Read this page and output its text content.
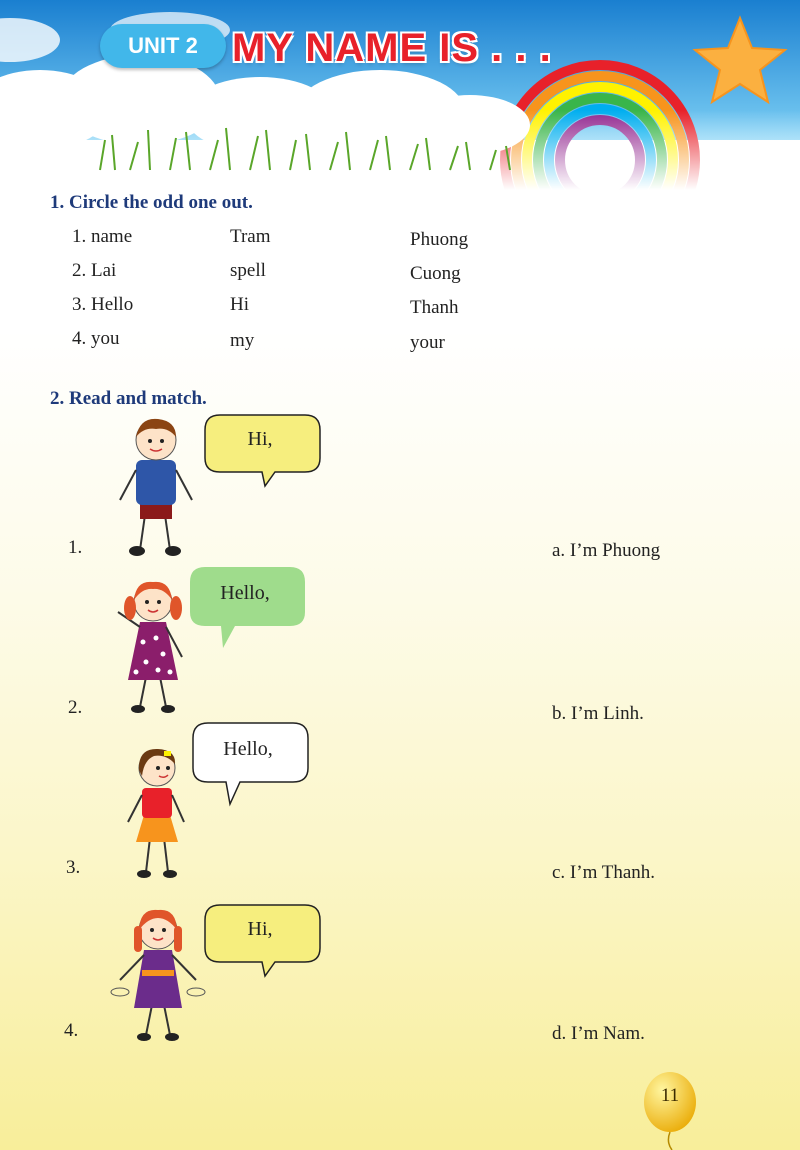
UNIT 2 MY NAME IS . . .
1. Circle the odd one out.
1. name	Tram	Phuong
2. Lai	spell	Cuong
3. Hello	Hi	Thanh
4. you	my	your
2. Read and match.
Hi,
1.
Hello,
2.
Hello,
3.
Hi,
4.
a. I’m Phuong
b. I’m Linh.
c. I’m Thanh.
d. I’m Nam.
11
